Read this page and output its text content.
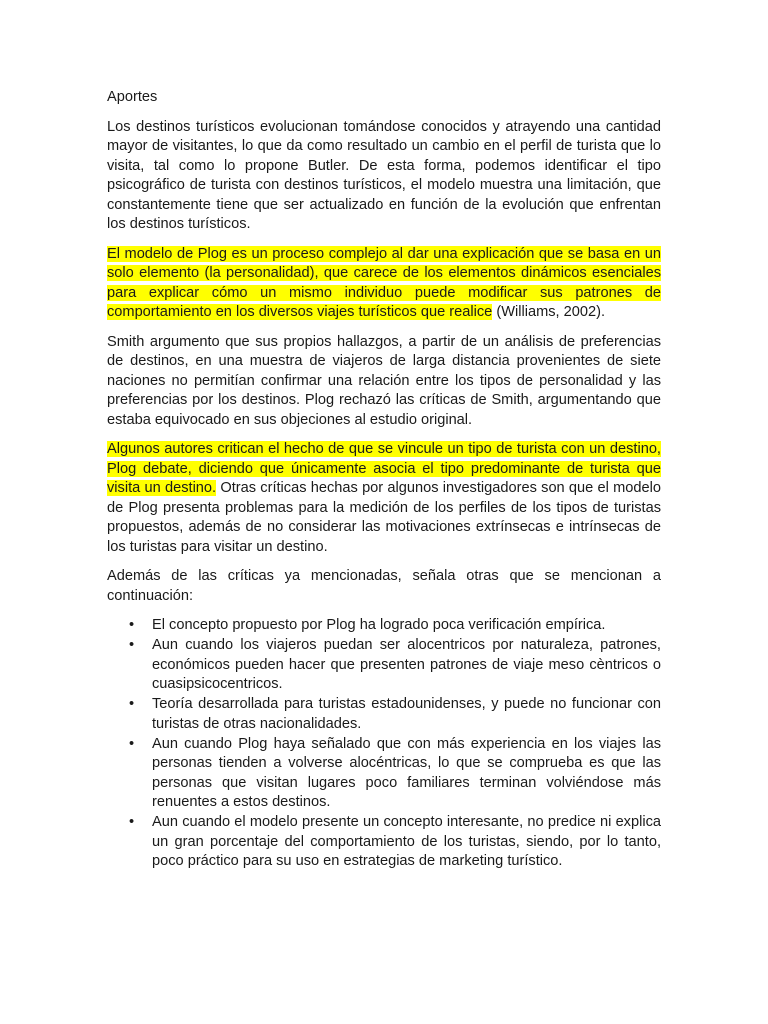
Aportes

Los destinos turísticos evolucionan tomándose conocidos y atrayendo una cantidad mayor de visitantes, lo que da como resultado un cambio en el perfil de turista que lo visita, tal como lo propone Butler. De esta forma, podemos identificar el tipo psicográfico de turista con destinos turísticos, el modelo muestra una limitación, que constantemente tiene que ser actualizado en función de la evolución que enfrentan los destinos turísticos.

El modelo de Plog es un proceso complejo al dar una explicación que se basa en un solo elemento (la personalidad), que carece de los elementos dinámicos esenciales para explicar cómo un mismo individuo puede modificar sus patrones de comportamiento en los diversos viajes turísticos que realice (Williams, 2002).

Smith argumento que sus propios hallazgos, a partir de un análisis de preferencias de destinos, en una muestra de viajeros de larga distancia provenientes de siete naciones no permitían confirmar una relación entre los tipos de personalidad y las preferencias por los destinos. Plog rechazó las críticas de Smith, argumentando que estaba equivocado en sus objeciones al estudio original.

Algunos autores critican el hecho de que se vincule un tipo de turista con un destino, Plog debate, diciendo que únicamente asocia el tipo predominante de turista que visita un destino. Otras críticas hechas por algunos investigadores son que el modelo de Plog presenta problemas para la medición de los perfiles de los tipos de turistas propuestos, además de no considerar las motivaciones extrínsecas e intrínsecas de los turistas para visitar un destino.

Además de las críticas ya mencionadas, señala otras que se mencionan a continuación:

• El concepto propuesto por Plog ha logrado poca verificación empírica.
• Aun cuando los viajeros puedan ser alocentricos por naturaleza, patrones, económicos pueden hacer que presenten patrones de viaje meso cèntricos o cuasipsicocentricos.
• Teoría desarrollada para turistas estadounidenses, y puede no funcionar con turistas de otras nacionalidades.
• Aun cuando Plog haya señalado que con más experiencia en los viajes las personas tienden a volverse alocéntricas, lo que se comprueba es que las personas que visitan lugares poco familiares terminan volviéndose más renuentes a estos destinos.
• Aun cuando el modelo presente un concepto interesante, no predice ni explica un gran porcentaje del comportamiento de los turistas, siendo, por lo tanto, poco práctico para su uso en estrategias de marketing turístico.
